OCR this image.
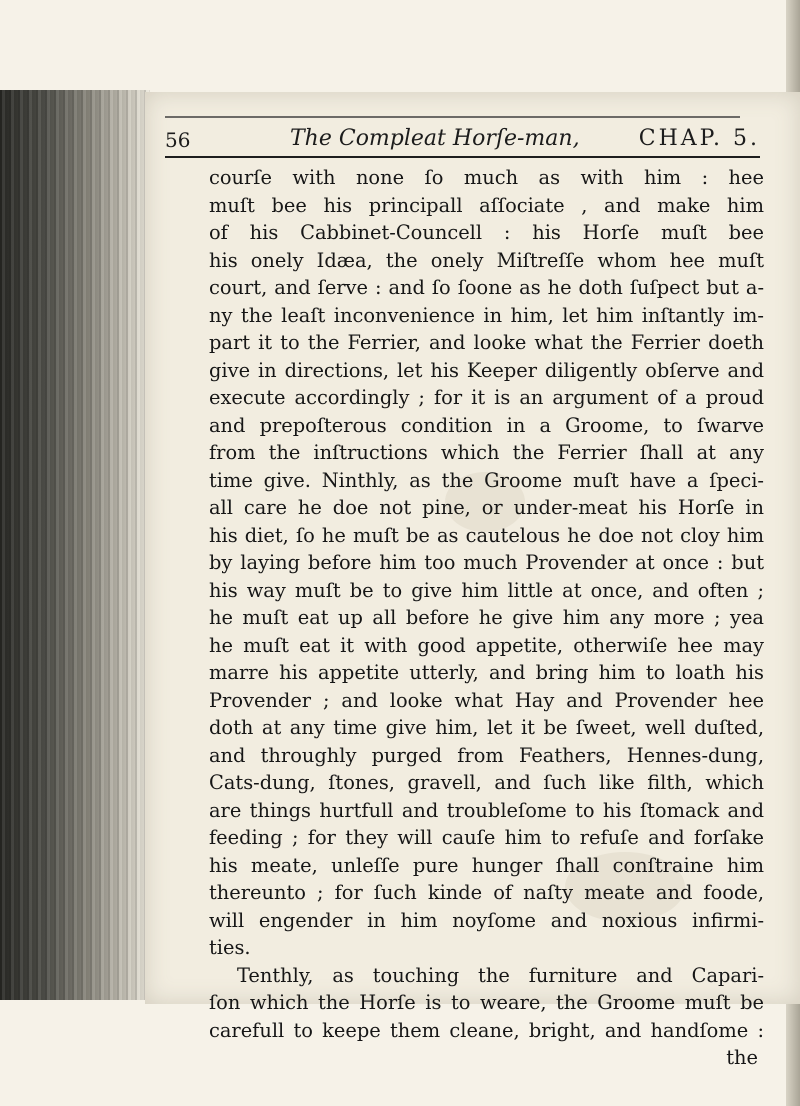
56	The Compleat Horſe-man,	CHAP. 5.
courſe with none ſo much as with him : hee
muſt bee his principall aſſociate , and make him
of his Cabbinet-Councell : his Horſe muſt bee
his onely Idæa, the onely Miſtreſſe whom hee muſt
court, and ſerve : and ſo ſoone as he doth ſuſpect but a-
ny the leaſt inconvenience in him, let him inſtantly im-
part it to the Ferrier, and looke what the Ferrier doeth
give in directions, let his Keeper diligently obſerve and
execute accordingly ; for it is an argument of a proud
and prepoſterous condition in a Groome, to ſwarve
from the inſtructions which the Ferrier ſhall at any
time give. Ninthly, as the Groome muſt have a ſpeci-
all care he doe not pine, or under-meat his Horſe in
his diet, ſo he muſt be as cautelous he doe not cloy him
by laying before him too much Provender at once : but
his way muſt be to give him little at once, and often ;
he muſt eat up all before he give him any more ; yea
he muſt eat it with good appetite, otherwiſe hee may
marre his appetite utterly, and bring him to loath his
Provender ; and looke what Hay and Provender hee
doth at any time give him, let it be ſweet, well duſted,
and throughly purged from Feathers, Hennes-dung,
Cats-dung, ſtones, gravell, and ſuch like filth, which
are things hurtfull and troubleſome to his ſtomack and
feeding ; for they will cauſe him to refuſe and forſake
his meate, unleſſe pure hunger ſhall conſtraine him
thereunto ; for ſuch kinde of naſty meate and foode,
will engender in him noyſome and noxious infirmi-
ties.
Tenthly, as touching the furniture and Capari-
ſon which the Horſe is to weare, the Groome muſt be
carefull to keepe them cleane, bright, and handſome :
the
